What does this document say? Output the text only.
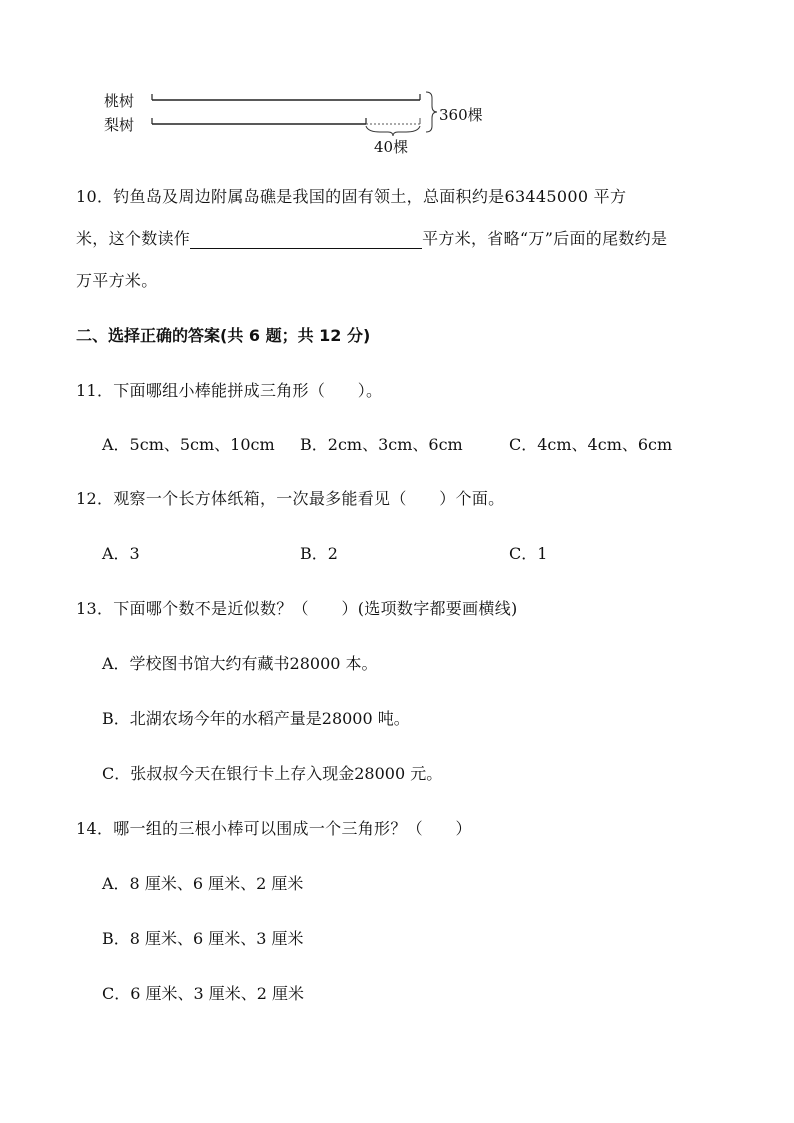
桃树
梨树
360棵
40棵
10．钓鱼岛及周边附属岛礁是我国的固有领土，总面积约是63445000 平方
米，这个数读作	平方米，省略“万”后面的尾数约是
万平方米。
二、选择正确的答案(共 6 题；共 12 分)
11．下面哪组小棒能拼成三角形（　　）。
A．5cm、5cm、10cm B．2cm、3cm、6cm	C．4cm、4cm、6cm
12．观察一个长方体纸箱，一次最多能看见（　　）个面。
A．3	B．2	C．1
13．下面哪个数不是近似数？（　　）(选项数字都要画横线)
A．学校图书馆大约有藏书28000 本。
B．北湖农场今年的水稻产量是28000 吨。
C．张叔叔今天在银行卡上存入现金28000 元。
14．哪一组的三根小棒可以围成一个三角形？（　　）
A．8 厘米、6 厘米、2 厘米
B．8 厘米、6 厘米、3 厘米
C．6 厘米、3 厘米、2 厘米
